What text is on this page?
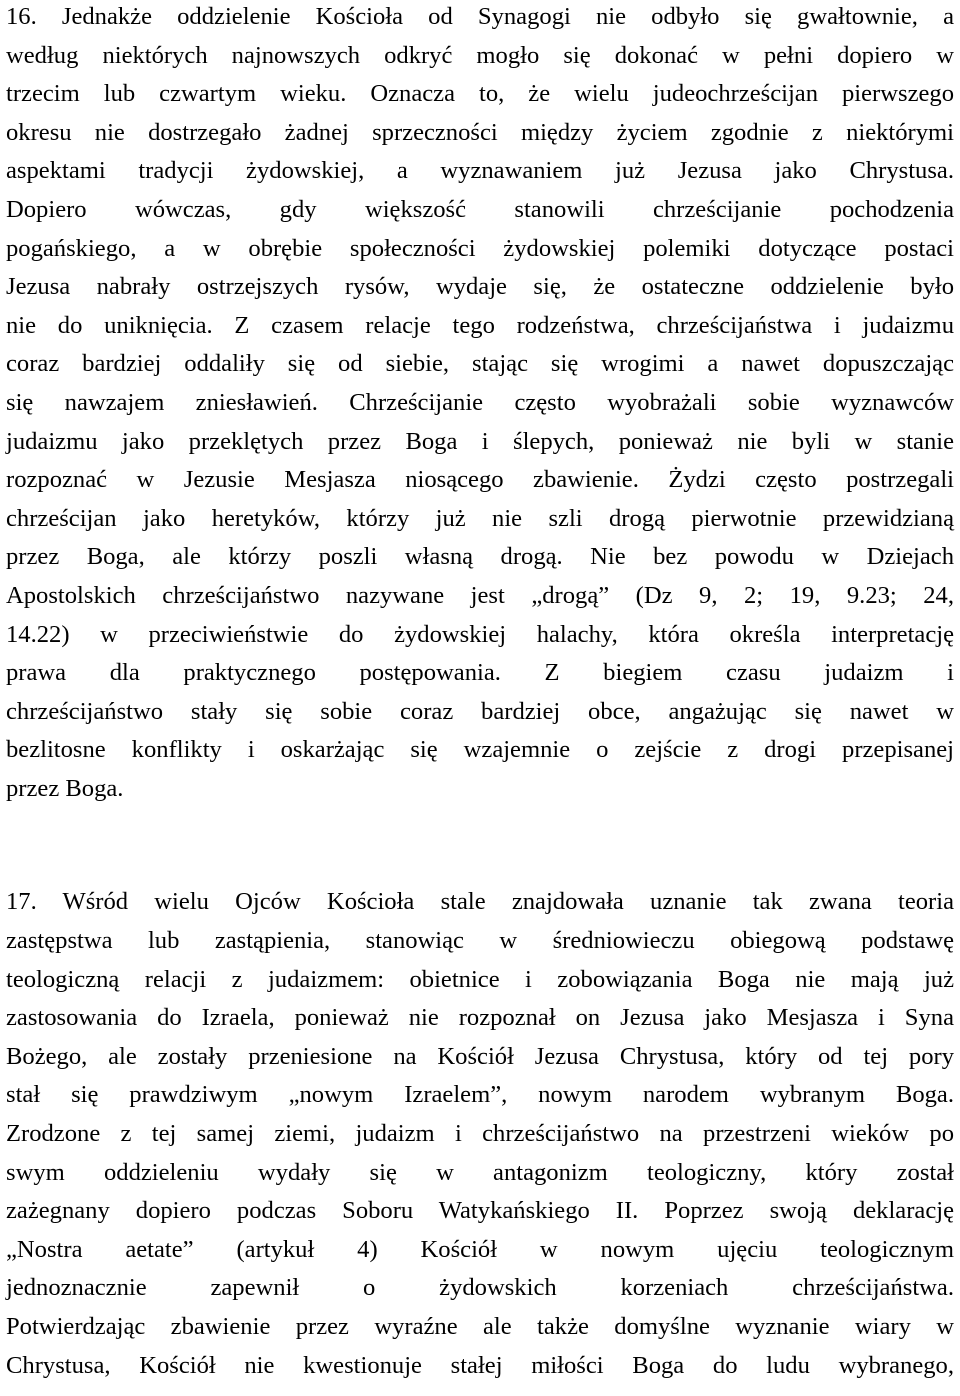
16. Jednakże oddzielenie Kościoła od Synagogi nie odbyło się gwałtownie, a
według niektórych najnowszych odkryć mogło się dokonać w pełni dopiero w
trzecim lub czwartym wieku. Oznacza to, że wielu judeochrześcijan pierwszego
okresu nie dostrzegało żadnej sprzeczności między życiem zgodnie z niektórymi
aspektami tradycji żydowskiej, a wyznawaniem już Jezusa jako Chrystusa.
Dopiero wówczas, gdy większość stanowili chrześcijanie pochodzenia
pogańskiego, a w obrębie społeczności żydowskiej polemiki dotyczące postaci
Jezusa nabrały ostrzejszych rysów, wydaje się, że ostateczne oddzielenie było
nie do uniknięcia. Z czasem relacje tego rodzeństwa, chrześcijaństwa i judaizmu
coraz bardziej oddaliły się od siebie, stając się wrogimi a nawet dopuszczając
się nawzajem zniesławień. Chrześcijanie często wyobrażali sobie wyznawców
judaizmu jako przeklętych przez Boga i ślepych, ponieważ nie byli w stanie
rozpoznać w Jezusie Mesjasza niosącego zbawienie. Żydzi często postrzegali
chrześcijan jako heretyków, którzy już nie szli drogą pierwotnie przewidzianą
przez Boga, ale którzy poszli własną drogą. Nie bez powodu w Dziejach
Apostolskich chrześcijaństwo nazywane jest „drogą” (Dz 9, 2; 19, 9.23; 24,
14.22) w przeciwieństwie do żydowskiej halachy, która określa interpretację
prawa dla praktycznego postępowania. Z biegiem czasu judaizm i
chrześcijaństwo stały się sobie coraz bardziej obce, angażując się nawet w
bezlitosne konflikty i oskarżając się wzajemnie o zejście z drogi przepisanej
przez Boga.
17. Wśród wielu Ojców Kościoła stale znajdowała uznanie tak zwana teoria
zastępstwa lub zastąpienia, stanowiąc w średniowieczu obiegową podstawę
teologiczną relacji z judaizmem: obietnice i zobowiązania Boga nie mają już
zastosowania do Izraela, ponieważ nie rozpoznał on Jezusa jako Mesjasza i Syna
Bożego, ale zostały przeniesione na Kościół Jezusa Chrystusa, który od tej pory
stał się prawdziwym „nowym Izraelem”, nowym narodem wybranym Boga.
Zrodzone z tej samej ziemi, judaizm i chrześcijaństwo na przestrzeni wieków po
swym oddzieleniu wydały się w antagonizm teologiczny, który został
zażegnany dopiero podczas Soboru Watykańskiego II. Poprzez swoją deklarację
„Nostra aetate” (artykuł 4) Kościół w nowym ujęciu teologicznym
jednoznacznie zapewnił o żydowskich korzeniach chrześcijaństwa.
Potwierdzając zbawienie przez wyraźne ale także domyślne wyznanie wiary w
Chrystusa, Kościół nie kwestionuje stałej miłości Boga do ludu wybranego,
